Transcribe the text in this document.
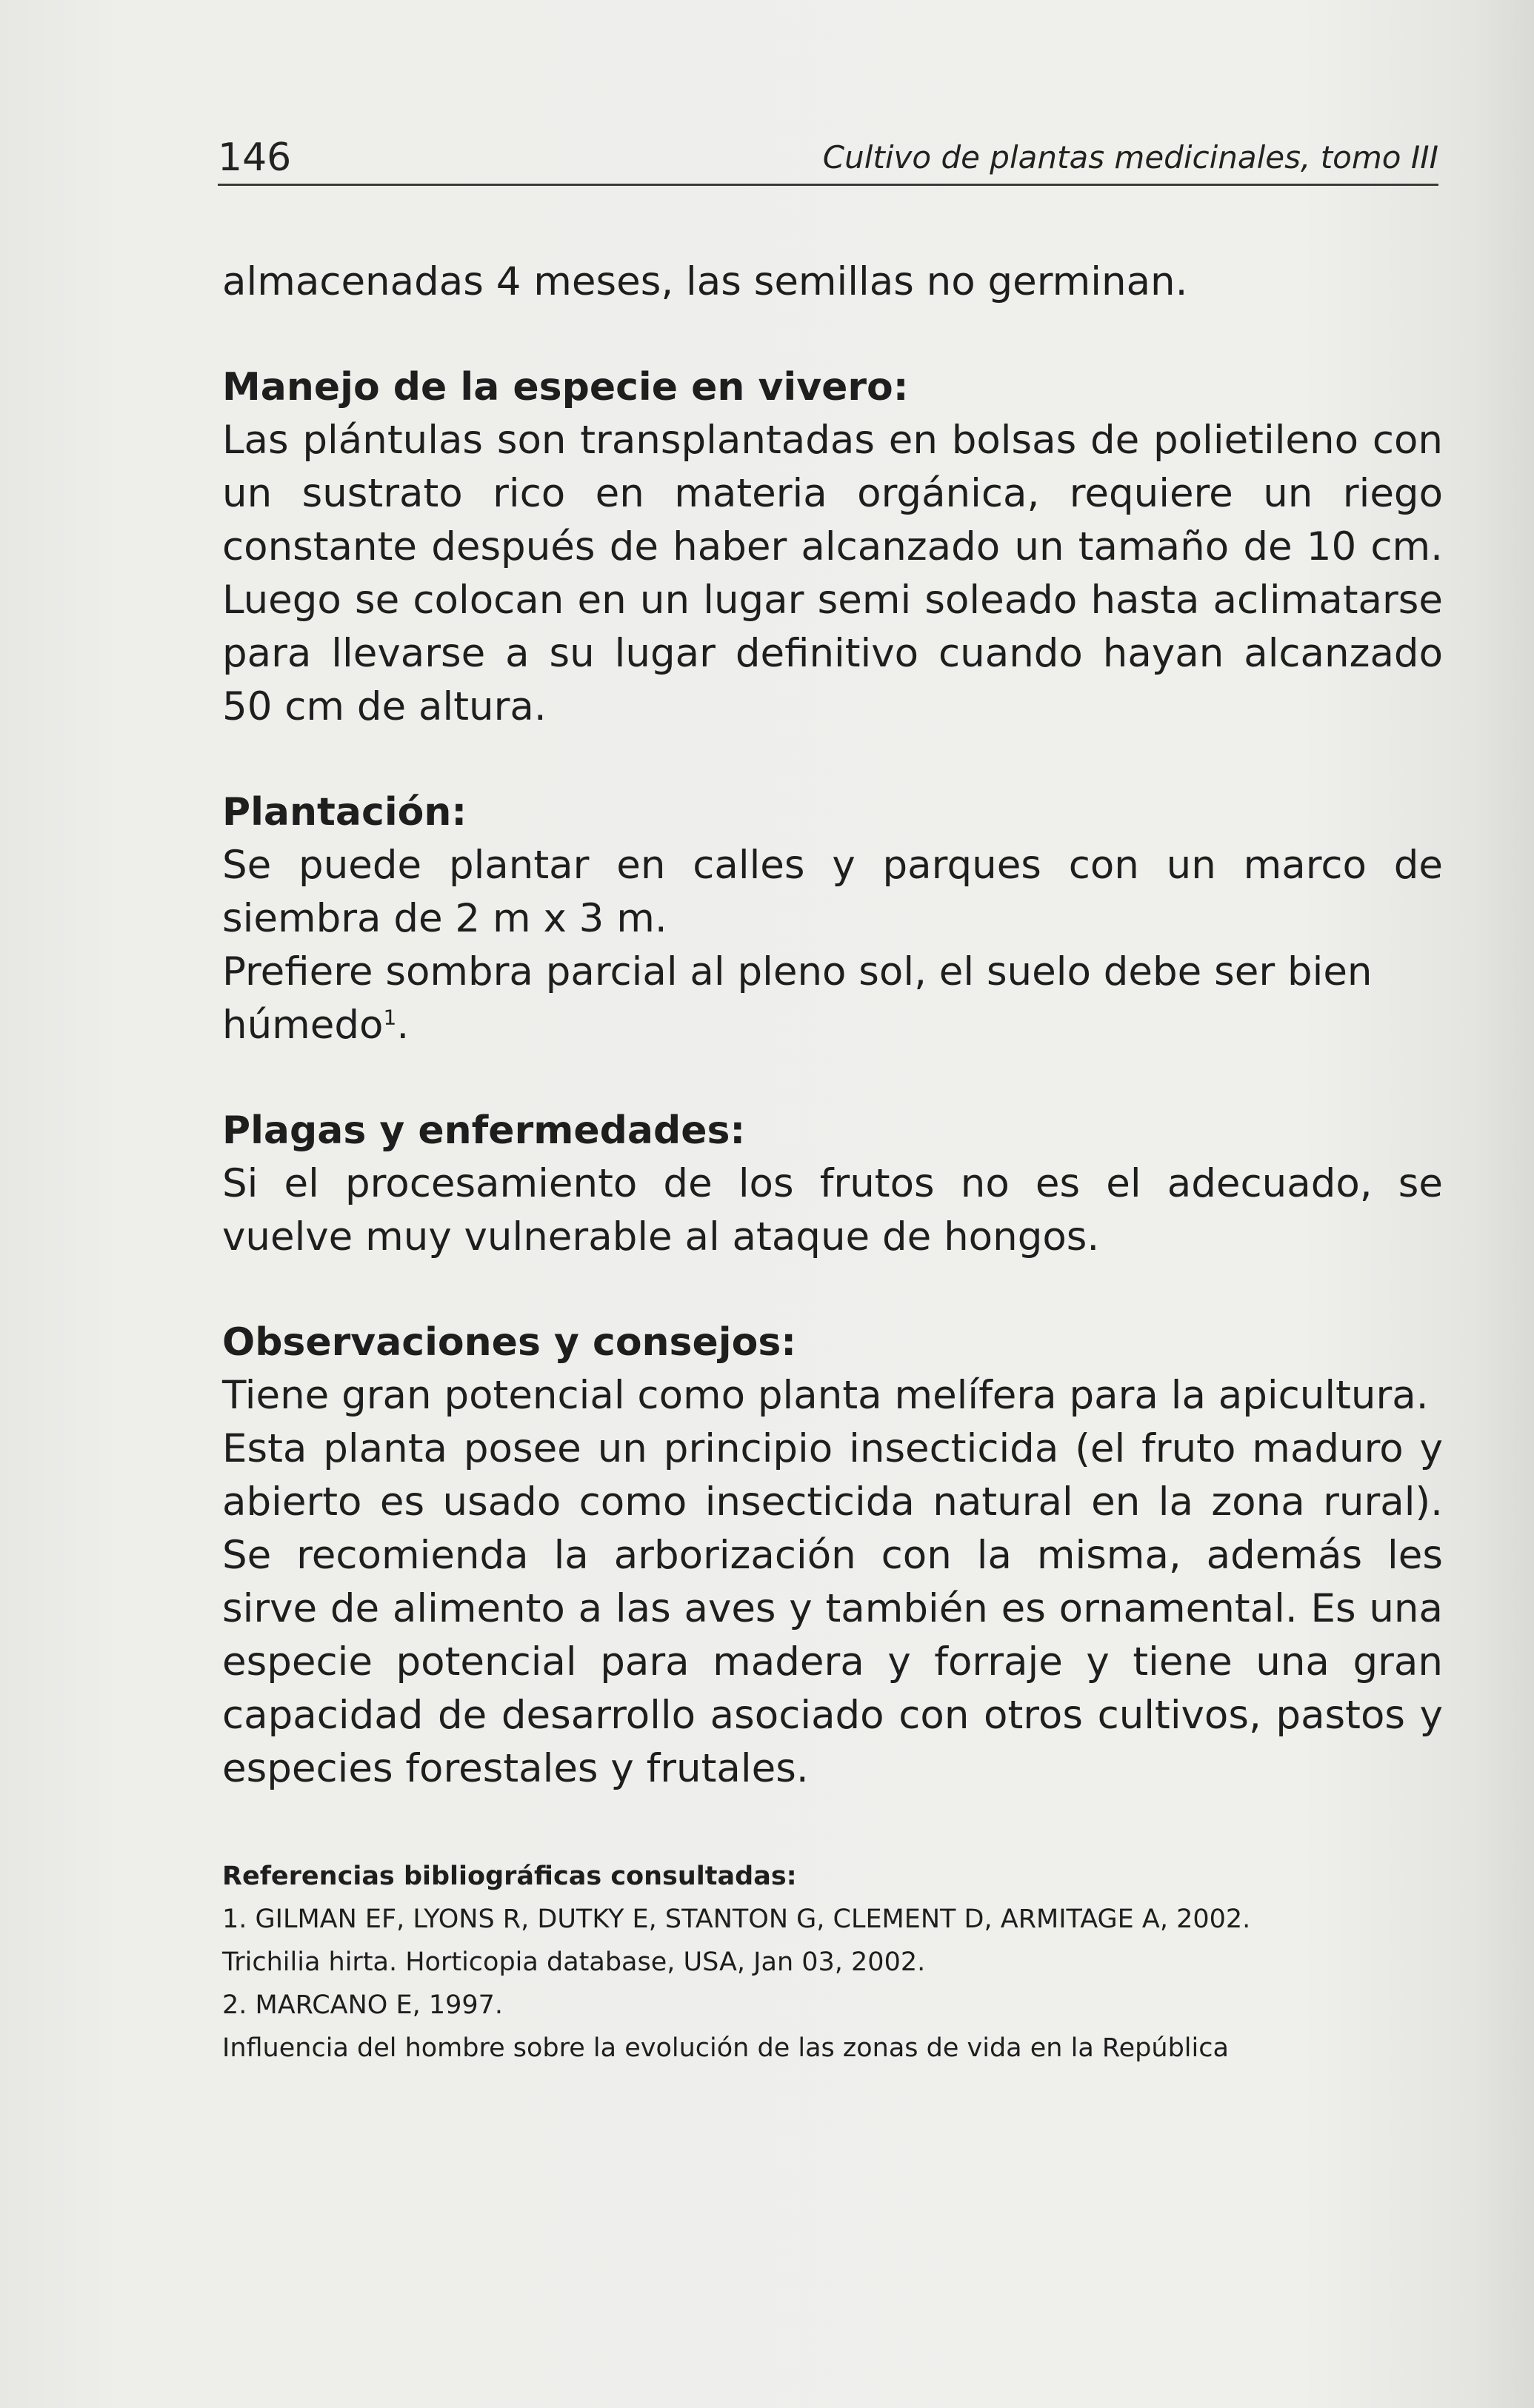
146	Cultivo de plantas medicinales, tomo III

almacenadas 4 meses, las semillas no germinan.

Manejo de la especie en vivero:

Las plántulas son transplantadas en bolsas de polietileno con un sustrato rico en materia orgánica, requiere un riego constante después de haber alcanzado un tamaño de 10 cm. Luego se colocan en un lugar semi soleado hasta aclimatarse para llevarse a su lugar definitivo cuando hayan alcanzado 50 cm de altura.

Plantación:

Se puede plantar en calles y parques con un marco de siembra de 2 m x 3 m.

Prefiere sombra parcial al pleno sol, el suelo debe ser bien húmedo$^1$.

Plagas y enfermedades:

Si el procesamiento de los frutos no es el adecuado, se vuelve muy vulnerable al ataque de hongos.

Observaciones y consejos:

Tiene gran potencial como planta melífera para la apicultura.

Esta planta posee un principio insecticida (el fruto maduro y abierto es usado como insecticida natural en la zona rural). Se recomienda la arborización con la misma, además les sirve de alimento a las aves y también es ornamental. Es una especie potencial para madera y forraje y tiene una gran capacidad de desarrollo asociado con otros cultivos, pastos y especies forestales y frutales.

Referencias bibliográficas consultadas:

1. GILMAN EF, LYONS R, DUTKY E, STANTON G, CLEMENT D, ARMITAGE A, 2002.

Trichilia hirta. Horticopia database, USA, Jan 03, 2002.

2. MARCANO E, 1997.

Influencia del hombre sobre la evolución de las zonas de vida en la República
